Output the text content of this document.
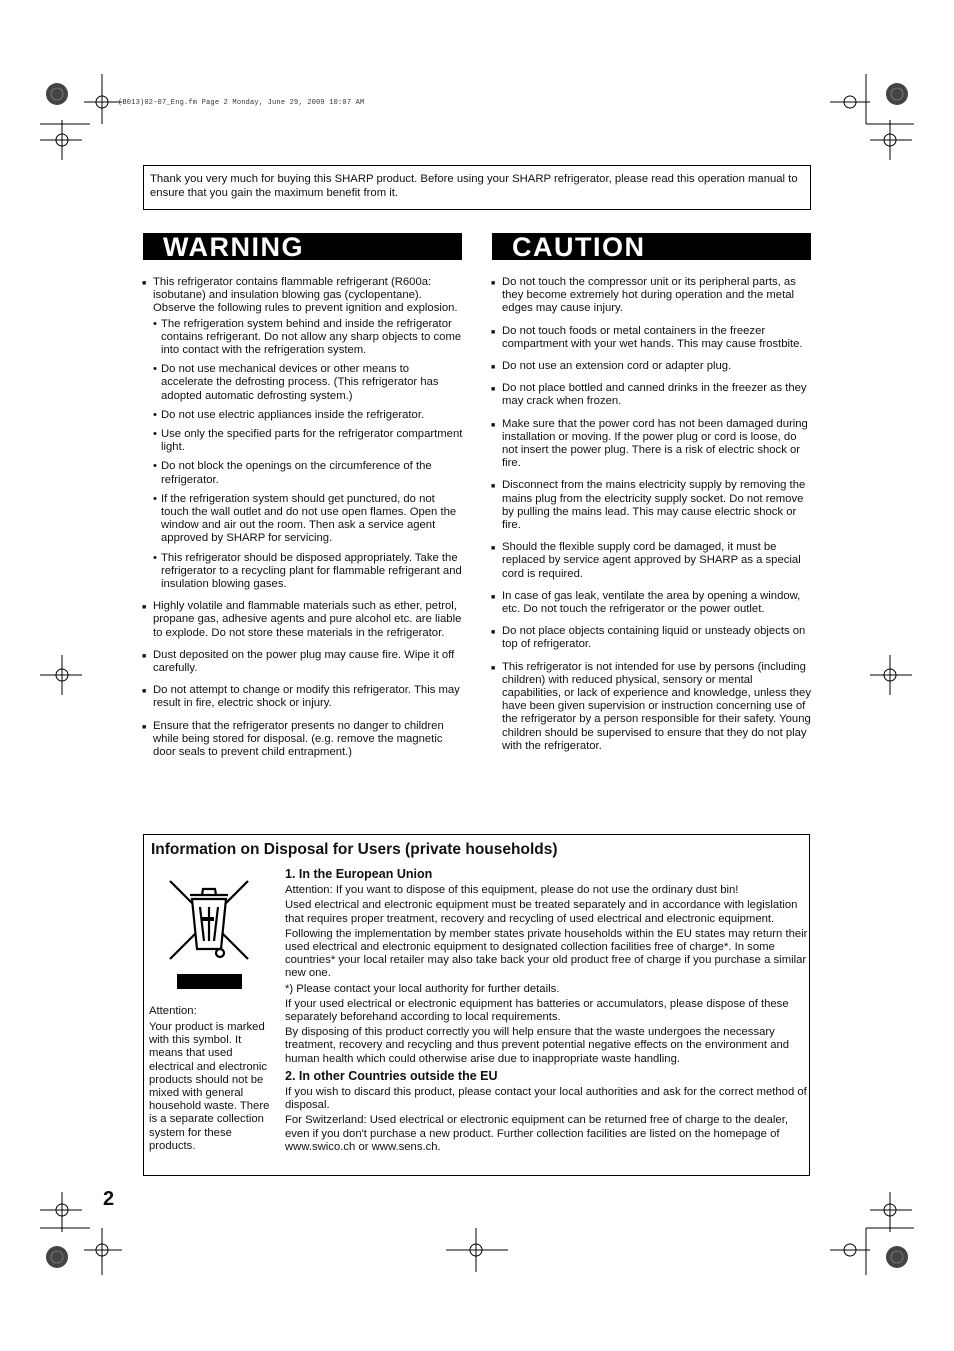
(B013)02-07_Eng.fm Page 2 Monday, June 29, 2009 10:07 AM
Thank you very much for buying this SHARP product. Before using your SHARP refrigerator, please read this operation manual to ensure that you gain the maximum benefit from it.
WARNING	CAUTION
■ This refrigerator contains flammable refrigerant (R600a: isobutane) and insulation blowing gas (cyclopentane). Observe the following rules to prevent ignition and explosion.
• The refrigeration system behind and inside the refrigerator contains refrigerant. Do not allow any sharp objects to come into contact with the refrigeration system.
• Do not use mechanical devices or other means to accelerate the defrosting process. (This refrigerator has adopted automatic defrosting system.)
• Do not use electric appliances inside the refrigerator.
• Use only the specified parts for the refrigerator compartment light.
• Do not block the openings on the circumference of the refrigerator.
• If the refrigeration system should get punctured, do not touch the wall outlet and do not use open flames. Open the window and air out the room. Then ask a service agent approved by SHARP for servicing.
• This refrigerator should be disposed appropriately. Take the refrigerator to a recycling plant for flammable refrigerant and insulation blowing gases.
■ Highly volatile and flammable materials such as ether, petrol, propane gas, adhesive agents and pure alcohol etc. are liable to explode. Do not store these materials in the refrigerator.
■ Dust deposited on the power plug may cause fire. Wipe it off carefully.
■ Do not attempt to change or modify this refrigerator. This may result in fire, electric shock or injury.
■ Ensure that the refrigerator presents no danger to children while being stored for disposal. (e.g. remove the magnetic door seals to prevent child entrapment.)
■ Do not touch the compressor unit or its peripheral parts, as they become extremely hot during operation and the metal edges may cause injury.
■ Do not touch foods or metal containers in the freezer compartment with your wet hands. This may cause frostbite.
■ Do not use an extension cord or adapter plug.
■ Do not place bottled and canned drinks in the freezer as they may crack when frozen.
■ Make sure that the power cord has not been damaged during installation or moving. If the power plug or cord is loose, do not insert the power plug. There is a risk of electric shock or fire.
■ Disconnect from the mains electricity supply by removing the mains plug from the electricity supply socket. Do not remove by pulling the mains lead. This may cause electric shock or fire.
■ Should the flexible supply cord be damaged, it must be replaced by service agent approved by SHARP as a special cord is required.
■ In case of gas leak, ventilate the area by opening a window, etc. Do not touch the refrigerator or the power outlet.
■ Do not place objects containing liquid or unsteady objects on top of refrigerator.
■ This refrigerator is not intended for use by persons (including children) with reduced physical, sensory or mental capabilities, or lack of experience and knowledge, unless they have been given supervision or instruction concerning use of the refrigerator by a person responsible for their safety. Young children should be supervised to ensure that they do not play with the refrigerator.
Information on Disposal for Users (private households)
Attention:
Your product is marked with this symbol. It means that used electrical and electronic products should not be mixed with general household waste. There is a separate collection system for these products.
1. In the European Union

Attention: If you want to dispose of this equipment, please do not use the ordinary dust bin!

Used electrical and electronic equipment must be treated separately and in accordance with legislation that requires proper treatment, recovery and recycling of used electrical and electronic equipment.

Following the implementation by member states private households within the EU states may return their used electrical and electronic equipment to designated collection facilities free of charge*. In some countries* your local retailer may also take back your old product free of charge if you purchase a similar new one.

*) Please contact your local authority for further details.

If your used electrical or electronic equipment has batteries or accumulators, please dispose of these separately beforehand according to local requirements.

By disposing of this product correctly you will help ensure that the waste undergoes the necessary treatment, recovery and recycling and thus prevent potential negative effects on the environment and human health which could otherwise arise due to inappropriate waste handling.

2. In other Countries outside the EU

If you wish to discard this product, please contact your local authorities and ask for the correct method of disposal.

For Switzerland: Used electrical or electronic equipment can be returned free of charge to the dealer, even if you don't purchase a new product. Further collection facilities are listed on the homepage of www.swico.ch or www.sens.ch.

2
